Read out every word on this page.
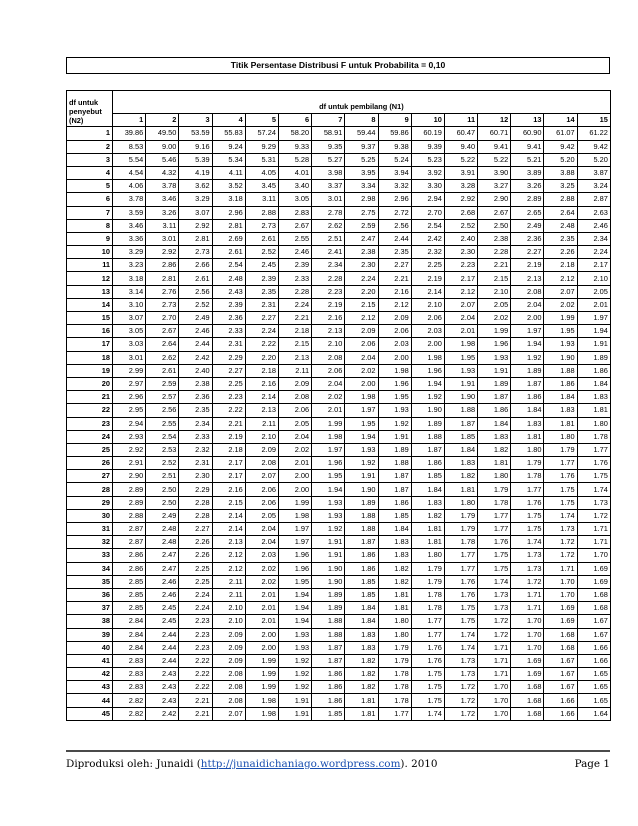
Titik Persentase Distribusi F untuk Probabilita = 0,10
df untuk penyebut (N2)	df untuk pembilang (N1)														
	1	2	3	4	5	6	7	8	9	10	11	12	13	14	15
1	39.86	49.50	53.59	55.83	57.24	58.20	58.91	59.44	59.86	60.19	60.47	60.71	60.90	61.07	61.22
2	8.53	9.00	9.16	9.24	9.29	9.33	9.35	9.37	9.38	9.39	9.40	9.41	9.41	9.42	9.42
3	5.54	5.46	5.39	5.34	5.31	5.28	5.27	5.25	5.24	5.23	5.22	5.22	5.21	5.20	5.20
4	4.54	4.32	4.19	4.11	4.05	4.01	3.98	3.95	3.94	3.92	3.91	3.90	3.89	3.88	3.87
5	4.06	3.78	3.62	3.52	3.45	3.40	3.37	3.34	3.32	3.30	3.28	3.27	3.26	3.25	3.24
6	3.78	3.46	3.29	3.18	3.11	3.05	3.01	2.98	2.96	2.94	2.92	2.90	2.89	2.88	2.87
7	3.59	3.26	3.07	2.96	2.88	2.83	2.78	2.75	2.72	2.70	2.68	2.67	2.65	2.64	2.63
8	3.46	3.11	2.92	2.81	2.73	2.67	2.62	2.59	2.56	2.54	2.52	2.50	2.49	2.48	2.46
9	3.36	3.01	2.81	2.69	2.61	2.55	2.51	2.47	2.44	2.42	2.40	2.38	2.36	2.35	2.34
10	3.29	2.92	2.73	2.61	2.52	2.46	2.41	2.38	2.35	2.32	2.30	2.28	2.27	2.26	2.24
11	3.23	2.86	2.66	2.54	2.45	2.39	2.34	2.30	2.27	2.25	2.23	2.21	2.19	2.18	2.17
12	3.18	2.81	2.61	2.48	2.39	2.33	2.28	2.24	2.21	2.19	2.17	2.15	2.13	2.12	2.10
13	3.14	2.76	2.56	2.43	2.35	2.28	2.23	2.20	2.16	2.14	2.12	2.10	2.08	2.07	2.05
14	3.10	2.73	2.52	2.39	2.31	2.24	2.19	2.15	2.12	2.10	2.07	2.05	2.04	2.02	2.01
15	3.07	2.70	2.49	2.36	2.27	2.21	2.16	2.12	2.09	2.06	2.04	2.02	2.00	1.99	1.97
16	3.05	2.67	2.46	2.33	2.24	2.18	2.13	2.09	2.06	2.03	2.01	1.99	1.97	1.95	1.94
17	3.03	2.64	2.44	2.31	2.22	2.15	2.10	2.06	2.03	2.00	1.98	1.96	1.94	1.93	1.91
18	3.01	2.62	2.42	2.29	2.20	2.13	2.08	2.04	2.00	1.98	1.95	1.93	1.92	1.90	1.89
19	2.99	2.61	2.40	2.27	2.18	2.11	2.06	2.02	1.98	1.96	1.93	1.91	1.89	1.88	1.86
20	2.97	2.59	2.38	2.25	2.16	2.09	2.04	2.00	1.96	1.94	1.91	1.89	1.87	1.86	1.84
21	2.96	2.57	2.36	2.23	2.14	2.08	2.02	1.98	1.95	1.92	1.90	1.87	1.86	1.84	1.83
22	2.95	2.56	2.35	2.22	2.13	2.06	2.01	1.97	1.93	1.90	1.88	1.86	1.84	1.83	1.81
23	2.94	2.55	2.34	2.21	2.11	2.05	1.99	1.95	1.92	1.89	1.87	1.84	1.83	1.81	1.80
24	2.93	2.54	2.33	2.19	2.10	2.04	1.98	1.94	1.91	1.88	1.85	1.83	1.81	1.80	1.78
25	2.92	2.53	2.32	2.18	2.09	2.02	1.97	1.93	1.89	1.87	1.84	1.82	1.80	1.79	1.77
26	2.91	2.52	2.31	2.17	2.08	2.01	1.96	1.92	1.88	1.86	1.83	1.81	1.79	1.77	1.76
27	2.90	2.51	2.30	2.17	2.07	2.00	1.95	1.91	1.87	1.85	1.82	1.80	1.78	1.76	1.75
28	2.89	2.50	2.29	2.16	2.06	2.00	1.94	1.90	1.87	1.84	1.81	1.79	1.77	1.75	1.74
29	2.89	2.50	2.28	2.15	2.06	1.99	1.93	1.89	1.86	1.83	1.80	1.78	1.76	1.75	1.73
30	2.88	2.49	2.28	2.14	2.05	1.98	1.93	1.88	1.85	1.82	1.79	1.77	1.75	1.74	1.72
31	2.87	2.48	2.27	2.14	2.04	1.97	1.92	1.88	1.84	1.81	1.79	1.77	1.75	1.73	1.71
32	2.87	2.48	2.26	2.13	2.04	1.97	1.91	1.87	1.83	1.81	1.78	1.76	1.74	1.72	1.71
33	2.86	2.47	2.26	2.12	2.03	1.96	1.91	1.86	1.83	1.80	1.77	1.75	1.73	1.72	1.70
34	2.86	2.47	2.25	2.12	2.02	1.96	1.90	1.86	1.82	1.79	1.77	1.75	1.73	1.71	1.69
35	2.85	2.46	2.25	2.11	2.02	1.95	1.90	1.85	1.82	1.79	1.76	1.74	1.72	1.70	1.69
36	2.85	2.46	2.24	2.11	2.01	1.94	1.89	1.85	1.81	1.78	1.76	1.73	1.71	1.70	1.68
37	2.85	2.45	2.24	2.10	2.01	1.94	1.89	1.84	1.81	1.78	1.75	1.73	1.71	1.69	1.68
38	2.84	2.45	2.23	2.10	2.01	1.94	1.88	1.84	1.80	1.77	1.75	1.72	1.70	1.69	1.67
39	2.84	2.44	2.23	2.09	2.00	1.93	1.88	1.83	1.80	1.77	1.74	1.72	1.70	1.68	1.67
40	2.84	2.44	2.23	2.09	2.00	1.93	1.87	1.83	1.79	1.76	1.74	1.71	1.70	1.68	1.66
41	2.83	2.44	2.22	2.09	1.99	1.92	1.87	1.82	1.79	1.76	1.73	1.71	1.69	1.67	1.66
42	2.83	2.43	2.22	2.08	1.99	1.92	1.86	1.82	1.78	1.75	1.73	1.71	1.69	1.67	1.65
43	2.83	2.43	2.22	2.08	1.99	1.92	1.86	1.82	1.78	1.75	1.72	1.70	1.68	1.67	1.65
44	2.82	2.43	2.21	2.08	1.98	1.91	1.86	1.81	1.78	1.75	1.72	1.70	1.68	1.66	1.65
45	2.82	2.42	2.21	2.07	1.98	1.91	1.85	1.81	1.77	1.74	1.72	1.70	1.68	1.66	1.64
Diproduksi oleh: Junaidi (http://junaidichaniago.wordpress.com). 2010	Page 1
